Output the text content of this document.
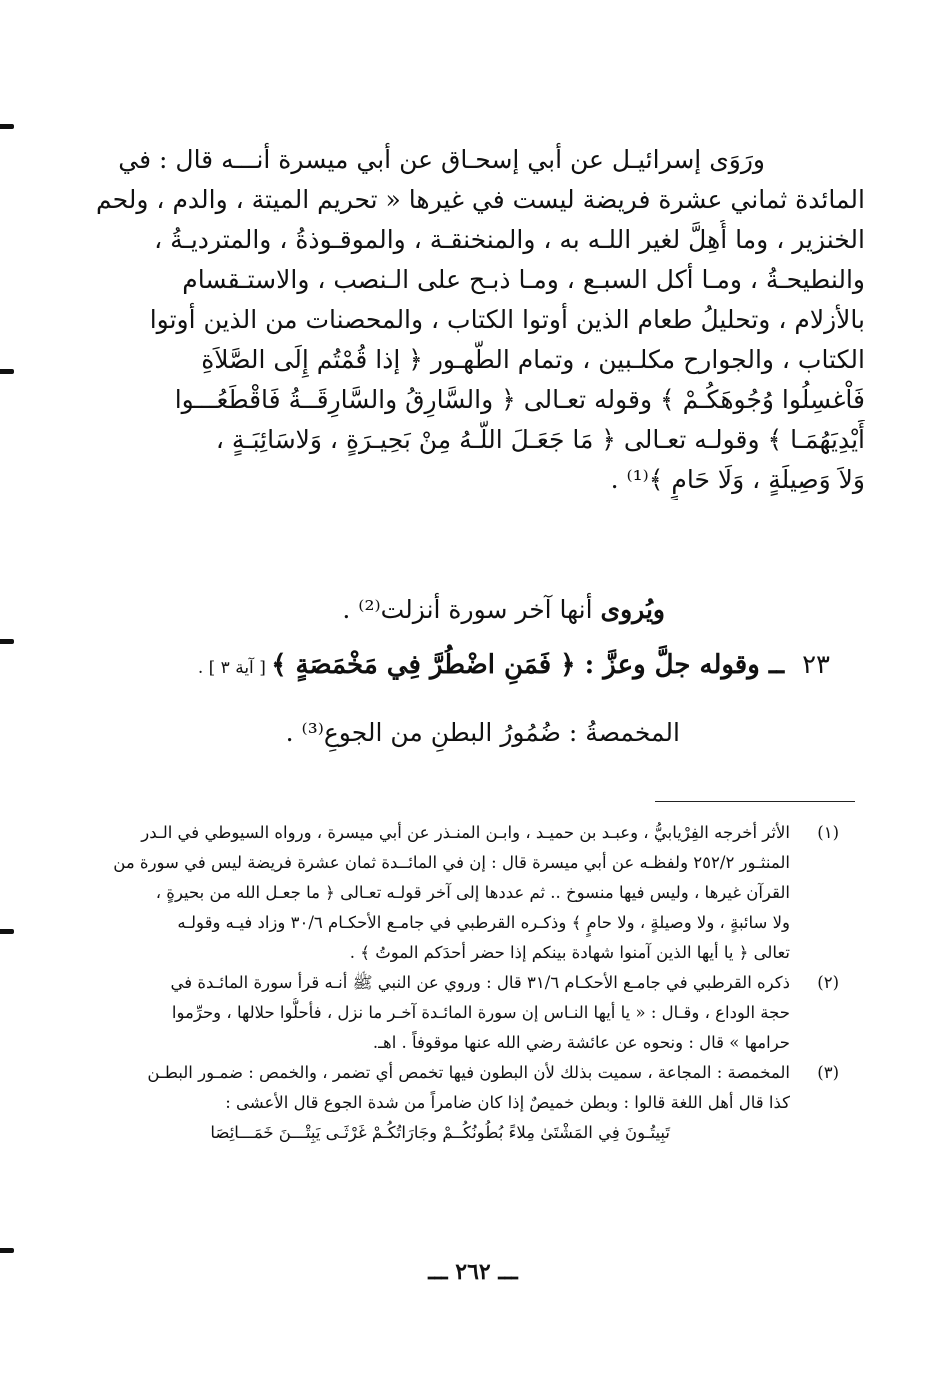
ورَوَى إسرائيـل عن أبي إسحـاق عن أبي ميسرة أنـــه قال : في
المائدة ثماني عشرة فريضة ليست في غيرها « تحريم الميتة ، والدم ، ولحم
الخنزير ، وما أُهِلَّ لغير اللـه به ، والمنخنقـة ، والموقـوذةُ ، والمترديـةُ ،
والنطيحـةُ ، ومـا أكل السبـع ، ومـا ذبـح على الـنصب ، والاستـقسام
بالأزلام ، وتحليلُ طعام الذين أوتوا الكتاب ، والمحصنات من الذين أوتوا
الكتاب ، والجوارح مكلـبين ، وتمام الطَّهـور ﴿ إذا قُمْتُم إِلَى الصَّلاَةِ
فَاْغسِلُوا وُجُوهَكُـمْ ﴾ وقوله تعـالى ﴿ والسَّارِقُ والسَّارِقَــةُ فَاقْطَعُـــوا
أَيْدِيَهُمَـا ﴾ وقولـه تعـالى ﴿ مَا جَعَـلَ اللَّـهُ مِنْ بَحِيـرَةٍ ، وَلاسَائِبَـةٍ ،
وَلاَ وَصِيلَةٍ ، وَلَا حَامٍ ﴾⁽¹⁾ .

ويُروى أنها آخر سورة أنزلت⁽²⁾ .
٢٣ــ وقوله جلَّ وعزَّ : ﴿ فَمَنِ اضْطُرَّ فِي مَخْمَصَةٍ ﴾ [ آية ٣ ] .
المخمصةُ : ضُمُورُ البطنِ من الجوعِ⁽³⁾ .
(١)
الأثر أخرجه الفِرْيابيُّ ، وعبـد بن حميـد ، وابـن المنـذر عن أبي ميسرة ، ورواه السيوطي في الـدر
المنثـور ٢٥٢/٢ ولفظـه عن أبي ميسرة قال : إن في المائــدة ثمان عشرة فريضة ليس في سورة من
القرآن غيرها ، وليس فيها منسوخ .. ثم عددها إلى آخر قولـه تعـالى ﴿ ما جعـل الله من بحيرةٍ ،
ولا سائبةٍ ، ولا وصيلةٍ ، ولا حامٍ ﴾ وذكـره القرطبي في جامـع الأحكـام ٣٠/٦ وزاد فيـه وقولـه
تعالى ﴿ يا أيها الذين آمنوا شهادة بينكم إذا حضر أحدَكم الموتُ ﴾ .
(٢)
ذكره القرطبي في جامـع الأحكـام ٣١/٦ قال : وروي عن النبي ﷺ أنـه قرأ سورة المائـدة في
حجة الوداع ، وقـال : « يا أيها النـاس إن سورة المائـدة آخـر ما نزل ، فأحلُّوا حلالها ، وحرِّموا
حرامها » قال : ونحوه عن عائشة رضي الله عنها موقوفاً . اهـ.
(٣)
المخمصة : المجاعة ، سميت بذلك لأن البطون فيها تخمص أي تضمر ، والخمص : ضمـور البطـن
كذا قال أهل اللغة قالوا : وبطن خميصٌ إذا كان ضامراً من شدة الجوع قال الأعشى :
تَبِيتُـونَ فِي المَشْتَىٰ مِلاءً بُطُونُكُــمْ وجَارَاتُكُـمْ غَرْثَـى يَبِتْـــنَ خَمَـــائِصَا
ـــ ٢٦٢ ـــ
